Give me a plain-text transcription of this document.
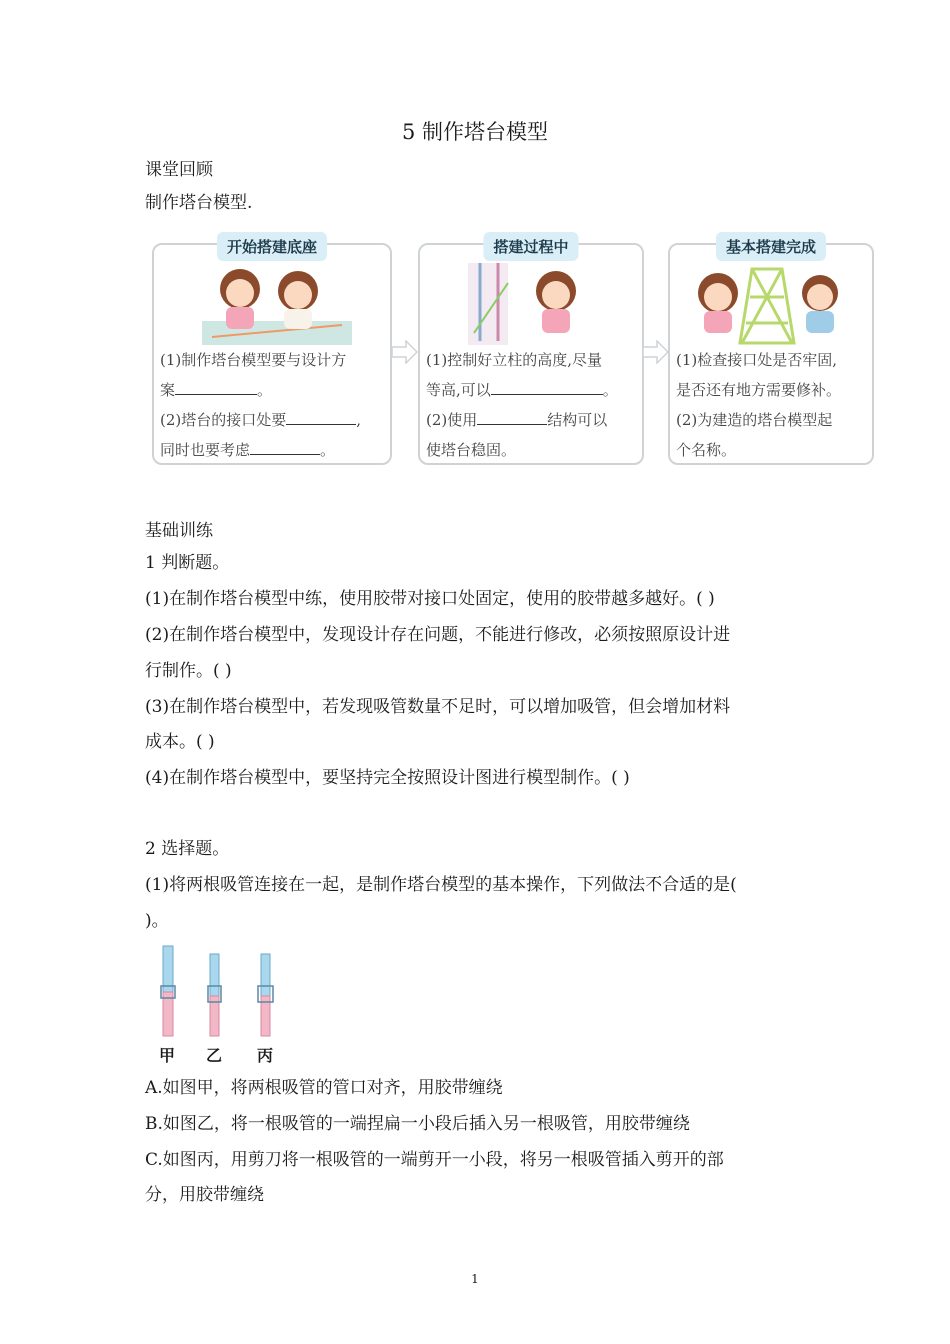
5 制作塔台模型
课堂回顾
制作塔台模型.
开始搭建底座
(1)制作塔台模型要与设计方
案	。
(2)塔台的接口处要	,
同时也要考虑	。
搭建过程中
(1)控制好立柱的高度,尽量
等高,可以	。
(2)使用	结构可以
使塔台稳固。
基本搭建完成
(1)检查接口处是否牢固,
是否还有地方需要修补。
(2)为建造的塔台模型起
个名称。
基础训练
1 判断题。
(1)在制作塔台模型中练，使用胶带对接口处固定，使用的胶带越多越好。( )
(2)在制作塔台模型中，发现设计存在问题，不能进行修改，必须按照原设计进
行制作。( )
(3)在制作塔台模型中，若发现吸管数量不足时，可以增加吸管，但会增加材料
成本。( )
(4)在制作塔台模型中，要坚持完全按照设计图进行模型制作。( )
2 选择题。
(1)将两根吸管连接在一起，是制作塔台模型的基本操作，下列做法不合适的是(
)。
甲 乙 丙
A.如图甲，将两根吸管的管口对齐，用胶带缠绕
B.如图乙，将一根吸管的一端捏扁一小段后插入另一根吸管，用胶带缠绕
C.如图丙，用剪刀将一根吸管的一端剪开一小段，将另一根吸管插入剪开的部
分，用胶带缠绕
1
